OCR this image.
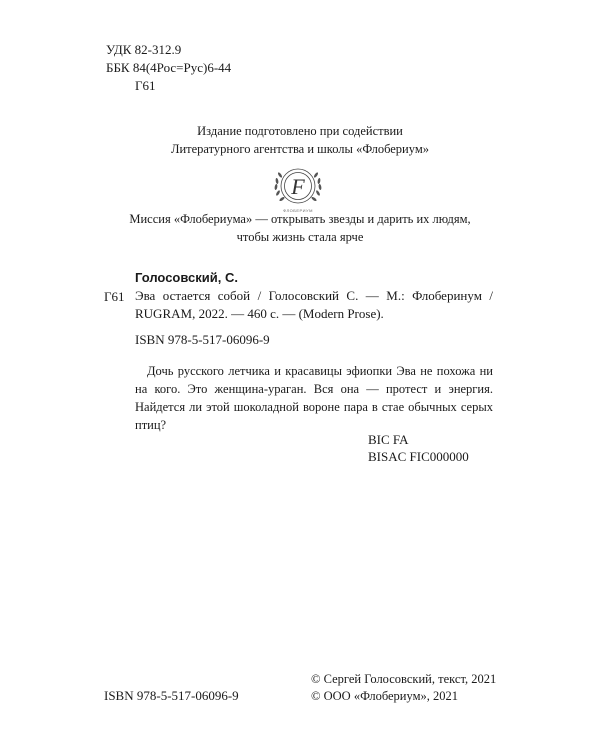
УДК 82-312.9
ББК 84(4Рос=Рус)6-44
Г61
Издание подготовлено при содействии
Литературного агентства и школы «Флобериум»
F
ФЛОБЕРИУМ
Миссия «Флобериума» — открывать звезды и дарить их людям,
чтобы жизнь стала ярче
Голосовский, С.
Г61 Эва остается собой / Голосовский С. — М.: Флоберинум / RUGRAM, 2022. — 460 с. — (Modern Prose).
ISBN 978-5-517-06096-9
Дочь русского летчика и красавицы эфиопки Эва не похожа ни на кого. Это женщина-ураган. Вся она — протест и энергия. Найдется ли этой шоколадной вороне пара в стае обычных серых птиц?
BIC FA
BISAC FIC000000
ISBN 978-5-517-06096-9
© Сергей Голосовский, текст, 2021
© ООО «Флобериум», 2021
